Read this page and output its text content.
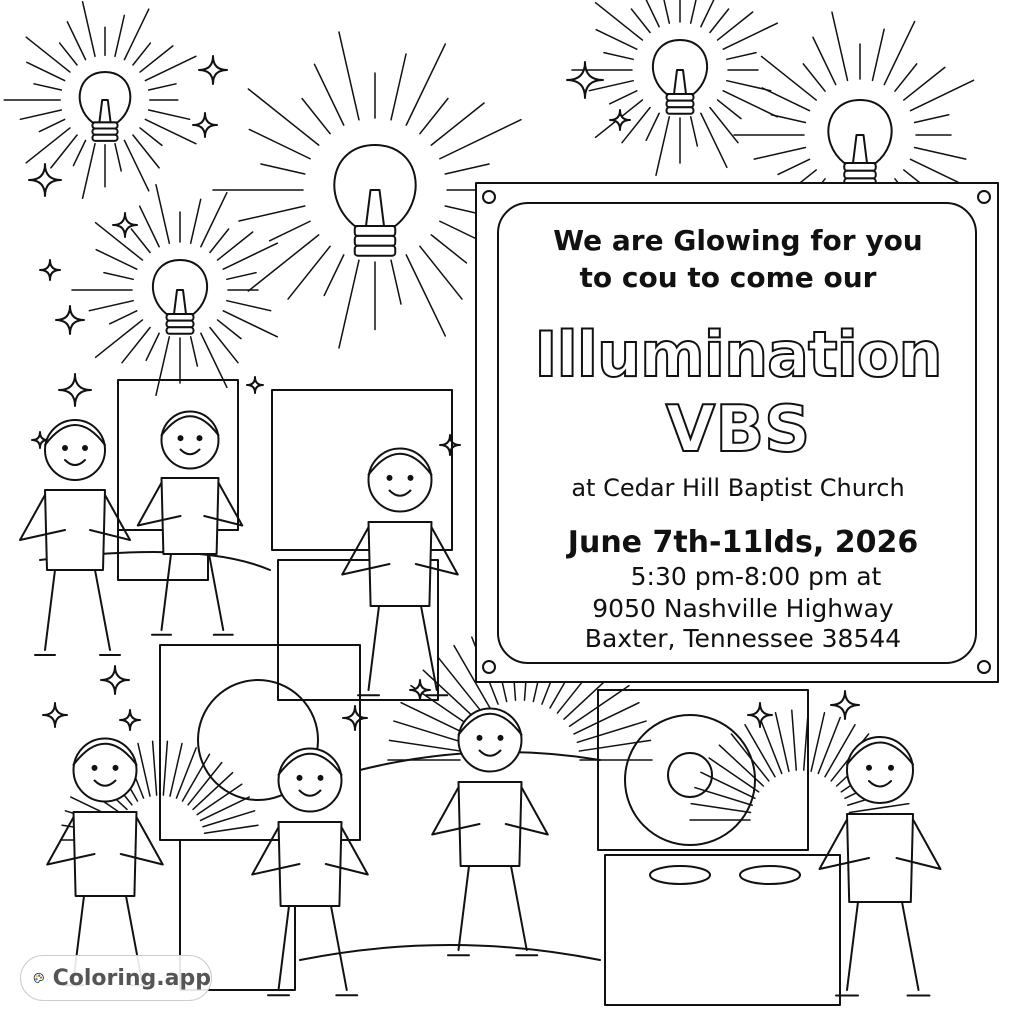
We are Glowing for you
to cou to come our
Illumination
VBS
at Cedar Hill Baptist Church
June 7th-11lds, 2026
5:30 pm-8:00 pm at
9050 Nashville Highway
Baxter, Tennessee 38544
Coloring.app
